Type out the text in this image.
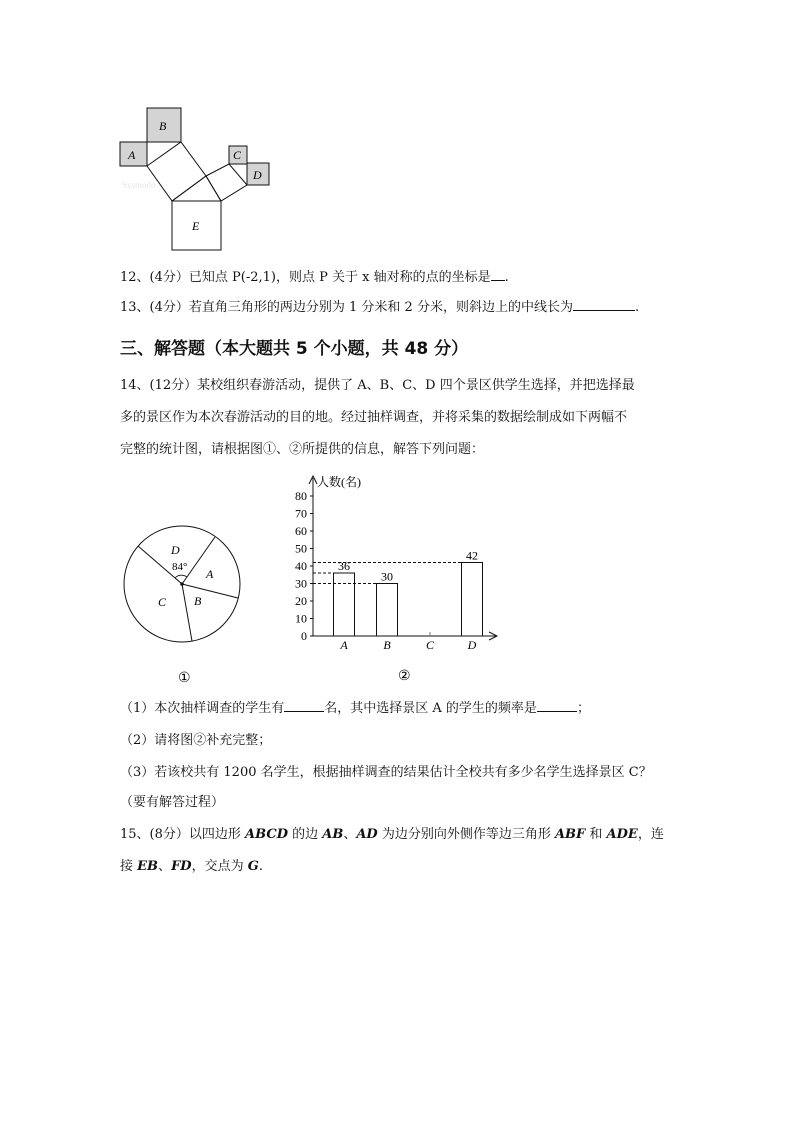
B
A	C
D
E
Sysmodo
12、(4分）已知点 P(-2,1)，则点 P 关于 x 轴对称的点的坐标是 .
13、(4分）若直角三角形的两边分别为 1 分米和 2 分米，则斜边上的中线长为	.
三、解答题（本大题共 5 个小题，共 48 分）
14、(12分）某校组织春游活动，提供了 A、B、C、D 四个景区供学生选择，并把选择最
多的景区作为本次春游活动的目的地。经过抽样调查，并将采集的数据绘制成如下两幅不
完整的统计图，请根据图①、②所提供的信息，解答下列问题：
D
84° A
B
C
①
人数(名)
0
10
20
30
40
50
60
70
80
A
36
B
30
C	D
42
②
（1）本次抽样调查的学生有	名，其中选择景区 A 的学生的频率是	；
（2）请将图②补充完整；
（3）若该校共有 1200 名学生，根据抽样调查的结果估计全校共有多少名学生选择景区 C？
（要有解答过程）
15、(8分）以四边形 ABCD 的边 AB、AD 为边分别向外侧作等边三角形 ABF 和 ADE，连
接 EB、FD，交点为 G.
